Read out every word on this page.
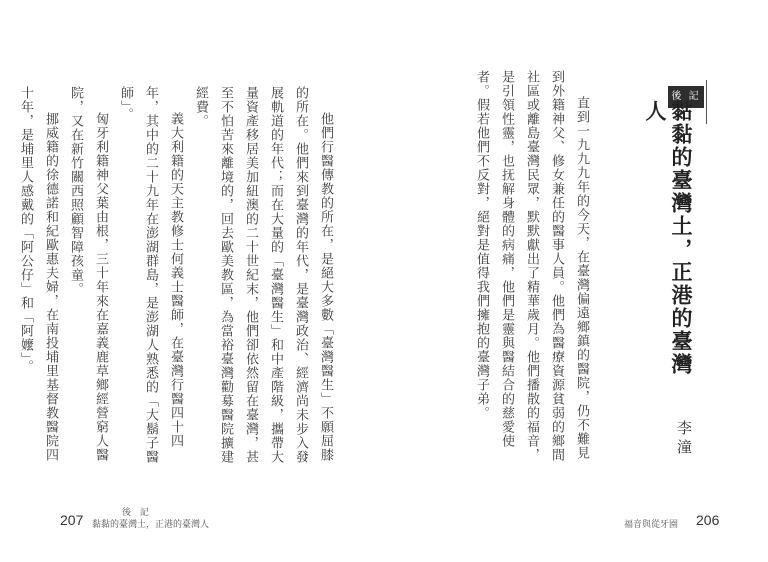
他們行醫傳教的所在，是絕大多數「臺灣醫生」不願屈膝的所在。他們來到臺灣的年代，是臺灣政治、經濟尚未步入發展軌道的年代；而在大量的「臺灣醫生」和中產階級，攜帶大量資產移居美加紐澳的二十世紀末，他們卻依然留在臺灣，甚至不怕苦來離境的，回去歐美教區，為當裕臺灣勸募醫院擴建經費。

義大利籍的天主教修士何義士醫師，在臺灣行醫四十四年，其中的二十九年在澎湖群島，是澎湖人熟悉的「大鬍子醫師」。

匈牙利籍神父葉由根，三十年來在嘉義鹿草鄉經營窮人醫院，又在新竹關西照顧智障孩童。

挪威籍的徐德諾和紀歐惠夫婦，在南投埔里基督教醫院四十年，是埔里人感戴的「阿公仔」和「阿嬤」。

後 記
黏黏的臺灣土，正港的臺灣人
207
後 記
黏黏的臺灣土，正港的臺灣人
李潼

直到一九九九年的今天，在臺灣偏遠鄉鎮的醫院，仍不難見到外籍神父、修女兼任的醫事人員。他們為醫療資源貧弱的鄉間社區或離島臺灣民眾，默默獻出了精華歲月。他們播散的福音，是引領性靈，也抚解身體的病痛，他們是靈與醫結合的慈愛使者。假若他們不反對，絕對是值得我們擁抱的臺灣子弟。

福音與從牙園 206
